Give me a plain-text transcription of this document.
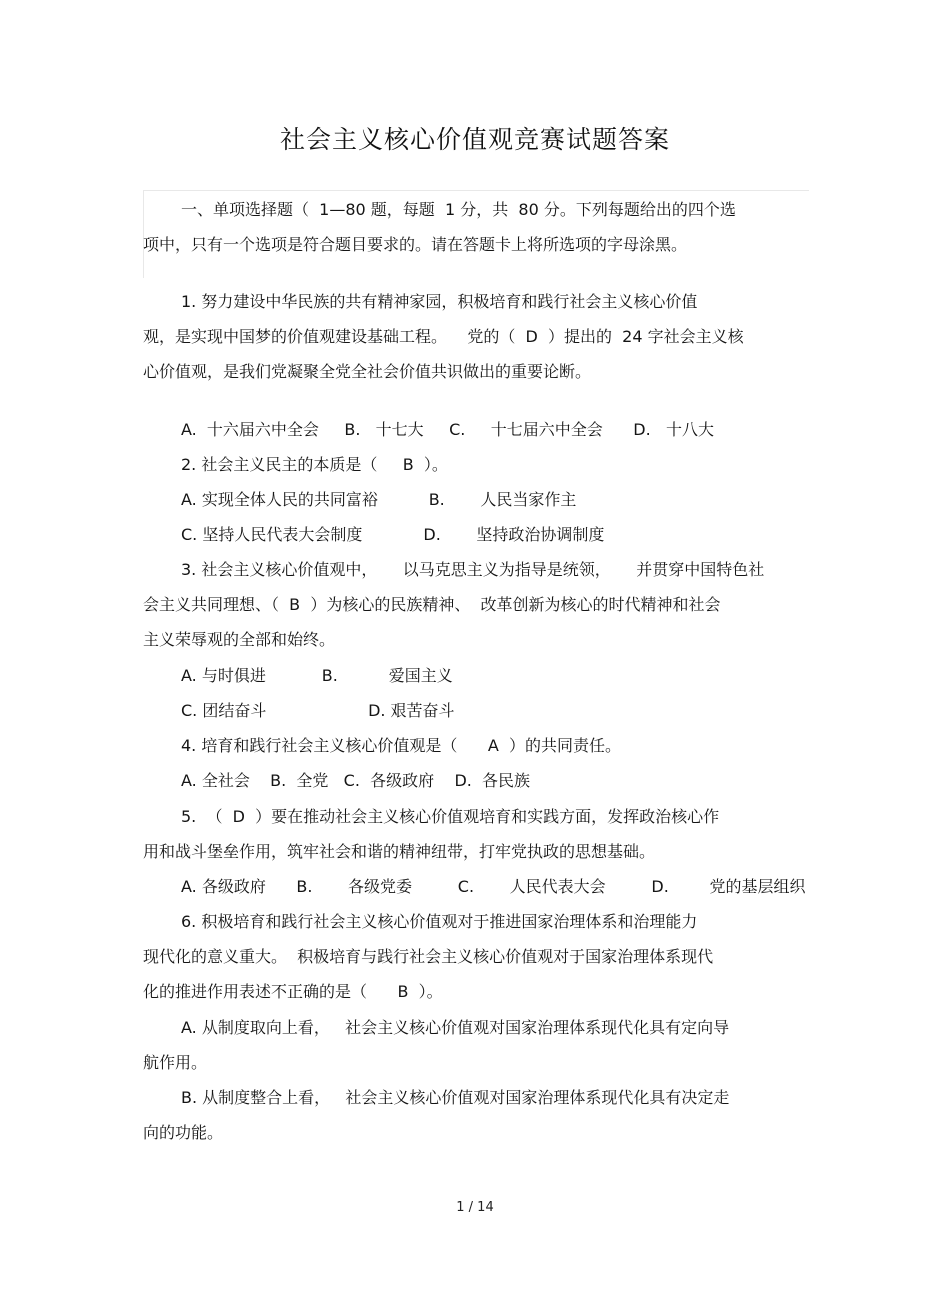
社会主义核心价值观竞赛试题答案
一、单项选择题（  1—80 题，每题  1 分，共  80 分。下列每题给出的四个选
项中，只有一个选项是符合题目要求的。请在答题卡上将所选项的字母涂黑。
1. 努力建设中华民族的共有精神家园，积极培育和践行社会主义核心价值
观，是实现中国梦的价值观建设基础工程。    党的（  D  ）提出的  24 字社会主义核
心价值观，是我们党凝聚全党全社会价值共识做出的重要论断。
A.  十六届六中全会     B.   十七大     C.     十七届六中全会      D.   十八大
2. 社会主义民主的本质是（     B  ）。
A. 实现全体人民的共同富裕          B.       人民当家作主
C. 坚持人民代表大会制度            D.       坚持政治协调制度
3. 社会主义核心价值观中，     以马克思主义为指导是统领，     并贯穿中国特色社
会主义共同理想、（  B  ）为核心的民族精神、  改革创新为核心的时代精神和社会
主义荣辱观的全部和始终。
A. 与时俱进           B.          爱国主义
C. 团结奋斗                    D. 艰苦奋斗
4. 培育和践行社会主义核心价值观是（      A  ）的共同责任。
A. 全社会    B.  全党   C.  各级政府    D.  各民族
5.  （  D  ）要在推动社会主义核心价值观培育和实践方面，发挥政治核心作
用和战斗堡垒作用，筑牢社会和谐的精神纽带，打牢党执政的思想基础。
A. 各级政府      B.       各级党委         C.       人民代表大会         D.        党的基层组织
6. 积极培育和践行社会主义核心价值观对于推进国家治理体系和治理能力
现代化的意义重大。  积极培育与践行社会主义核心价值观对于国家治理体系现代
化的推进作用表述不正确的是（      B  ）。
A. 从制度取向上看，   社会主义核心价值观对国家治理体系现代化具有定向导
航作用。
B. 从制度整合上看，   社会主义核心价值观对国家治理体系现代化具有决定走
向的功能。
1 / 14
